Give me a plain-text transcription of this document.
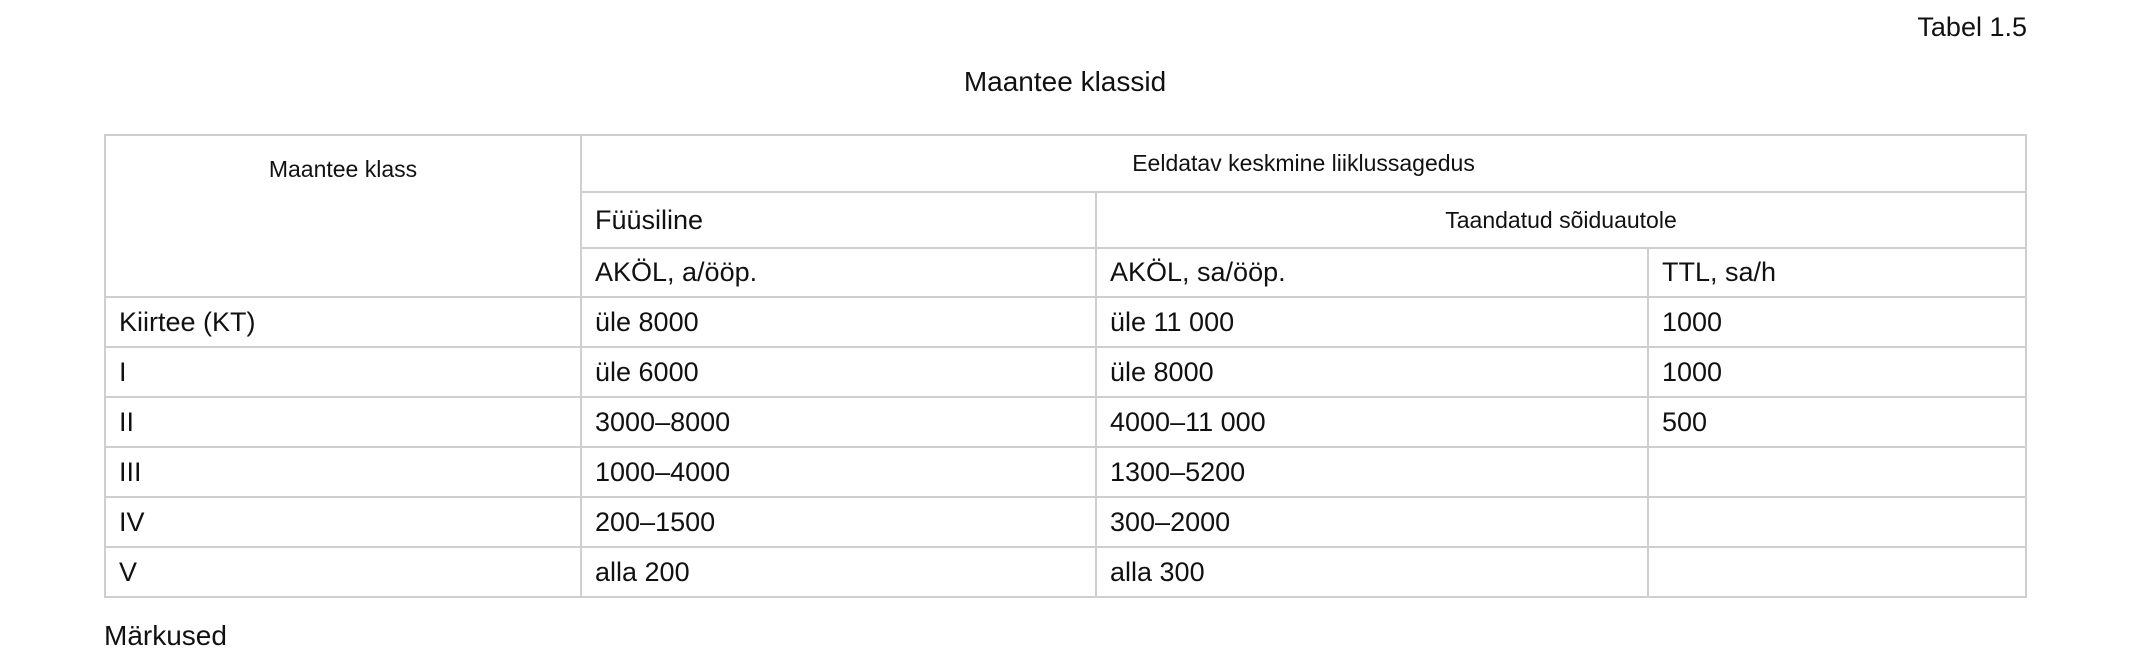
Tabel 1.5
Maantee klassid
Maantee klass	Eeldatav keskmine liiklussagedus		
	Füüsiline	Taandatud sõiduautole	
	AKÖL, a/ööp.	AKÖL, sa/ööp.	TTL, sa/h
Kiirtee (KT)	üle 8000	üle 11 000	1000
I	üle 6000	üle 8000	1000
II	3000–8000	4000–11 000	500
III	1000–4000	1300–5200	
IV	200–1500	300–2000	
V	alla 200	alla 300	
Märkused
